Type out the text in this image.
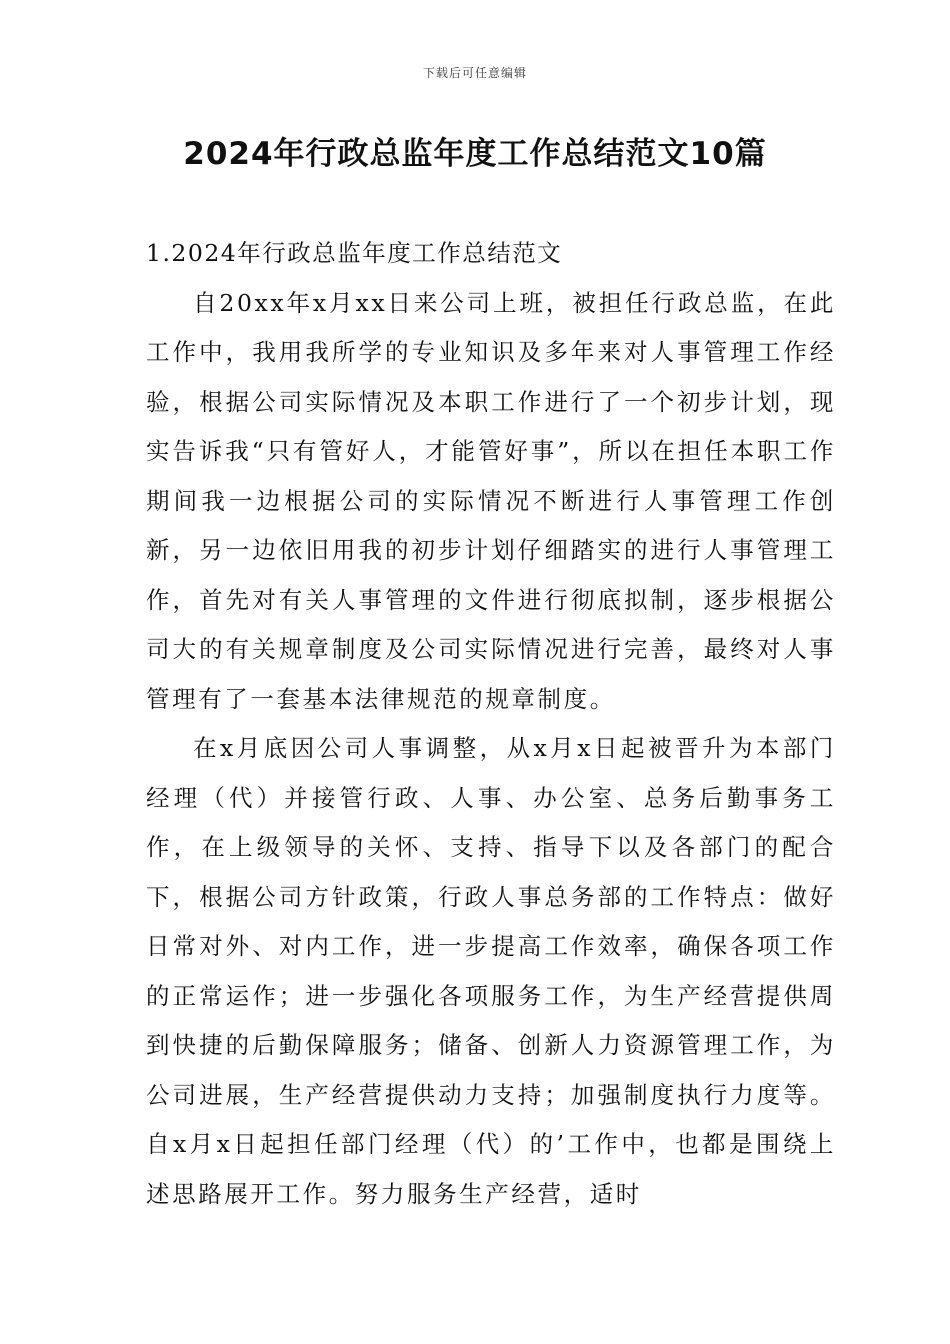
下载后可任意编辑
2024年行政总监年度工作总结范文10篇

1.2024年行政总监年度工作总结范文

自20xx年x月xx日来公司上班，被担任行政总监，在此工作中，我用我所学的专业知识及多年来对人事管理工作经验，根据公司实际情况及本职工作进行了一个初步计划，现实告诉我“只有管好人，才能管好事”，所以在担任本职工作期间我一边根据公司的实际情况不断进行人事管理工作创新，另一边依旧用我的初步计划仔细踏实的进行人事管理工作，首先对有关人事管理的文件进行彻底拟制，逐步根据公司大的有关规章制度及公司实际情况进行完善，最终对人事管理有了一套基本法律规范的规章制度。

在x月底因公司人事调整，从x月x日起被晋升为本部门经理（代）并接管行政、人事、办公室、总务后勤事务工作，在上级领导的关怀、支持、指导下以及各部门的配合下，根据公司方针政策，行政人事总务部的工作特点：做好日常对外、对内工作，进一步提高工作效率，确保各项工作的正常运作；进一步强化各项服务工作，为生产经营提供周到快捷的后勤保障服务；储备、创新人力资源管理工作，为公司进展，生产经营提供动力支持；加强制度执行力度等。自x月x日起担任部门经理（代）的’工作中，也都是围绕上述思路展开工作。努力服务生产经营，适时
